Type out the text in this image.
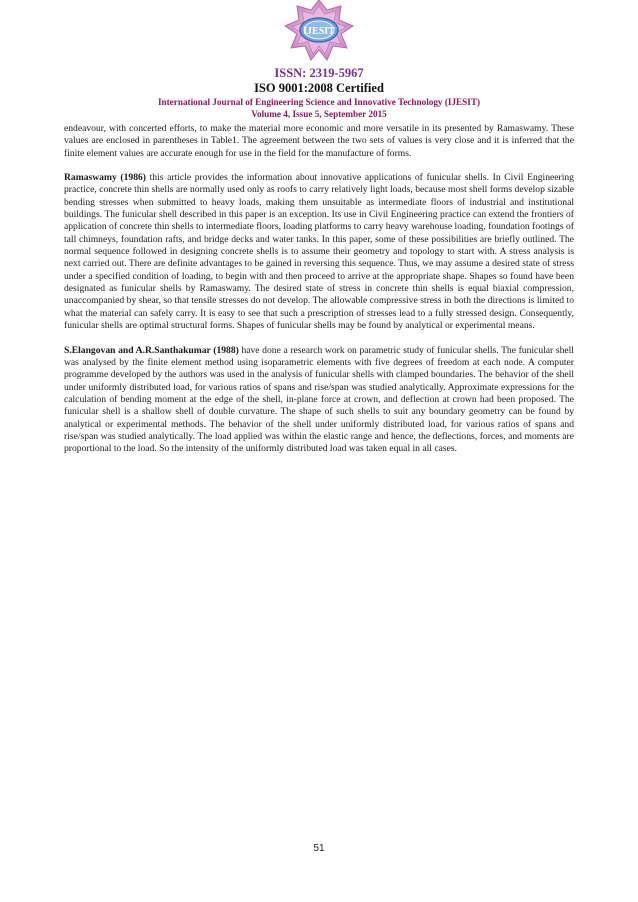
IJESIT
ISSN: 2319-5967
ISO 9001:2008 Certified
International Journal of Engineering Science and Innovative Technology (IJESIT)
Volume 4, Issue 5, September 2015

endeavour, with concerted efforts, to make the material more economic and more versatile in its presented by Ramaswamy. These values are enclosed in parentheses in Table1. The agreement between the two sets of values is very close and it is inferred that the finite element values are accurate enough for use in the field for the manufacture of forms.

Ramaswamy (1986) this article provides the information about innovative applications of funicular shells. In Civil Engineering practice, concrete thin shells are normally used only as roofs to carry relatively light loads, because most shell forms develop sizable bending stresses when submitted to heavy loads, making them unsuitable as intermediate floors of industrial and institutional buildings. The funicular shell described in this paper is an exception. Its use in Civil Engineering practice can extend the frontiers of application of concrete thin shells to intermediate floors, loading platforms to carry heavy warehouse loading, foundation footings of tall chimneys, foundation rafts, and bridge decks and water tanks. In this paper, some of these possibilities are briefly outlined. The normal sequence followed in designing concrete shells is to assume their geometry and topology to start with. A stress analysis is next carried out. There are definite advantages to be gained in reversing this sequence. Thus, we may assume a desired state of stress under a specified condition of loading, to begin with and then proceed to arrive at the appropriate shape. Shapes so found have been designated as funicular shells by Ramaswamy. The desired state of stress in concrete thin shells is equal biaxial compression, unaccompanied by shear, so that tensile stresses do not develop. The allowable compressive stress in both the directions is limited to what the material can safely carry. It is easy to see that such a prescription of stresses lead to a fully stressed design. Consequently, funicular shells are optimal structural forms. Shapes of funicular shells may be found by analytical or experimental means.

S.Elangovan and A.R.Santhakumar (1988) have done a research work on parametric study of funicular shells. The funicular shell was analysed by the finite element method using isoparametric elements with five degrees of freedom at each node. A computer programme developed by the authors was used in the analysis of funicular shells with clamped boundaries. The behavior of the shell under uniformly distributed load, for various ratios of spans and rise/span was studied analytically. Approximate expressions for the calculation of bending moment at the edge of the shell, in-plane force at crown, and deflection at crown had been proposed. The funicular shell is a shallow shell of double curvature. The shape of such shells to suit any boundary geometry can be found by analytical or experimental methods. The behavior of the shell under uniformly distributed load, for various ratios of spans and rise/span was studied analytically. The load applied was within the elastic range and hence, the deflections, forces, and moments are proportional to the load. So the intensity of the uniformly distributed load was taken equal in all cases.

51
